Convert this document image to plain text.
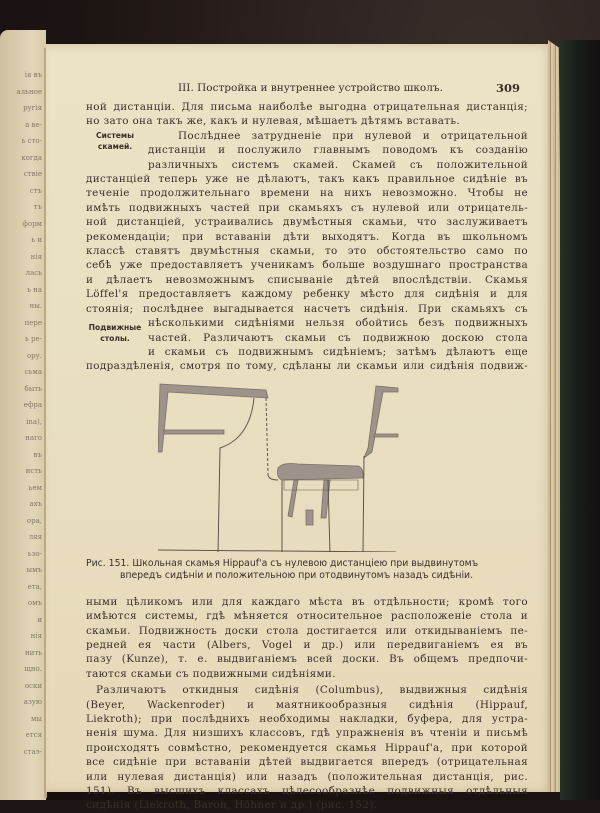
ія въ
альное
ругія
а ве-
ь сто-
когда
ствіе
стъ
тъ
форм
ь и
нія
лась
ь на
ны.
пере
ь ре-
ору.
сьма
быть
ефра
ina),
наго
въ
исть
ьем
ахъ
ора,
ляя
ьзо-
ымъ
ета,
омъ
и
нія
нить
щно.
оски
азую
мы
ется
стаэ-
III. Постройка и внутреннее устройство школъ.	309

ной дистанціи. Для письма наиболѣе выгодна отрицательная дистанція;
но зато она такъ же, какъ и нулевая, мѣшаетъ дѣтямъ вставать.

Системы
скамей.

Послѣднее затрудненіе при нулевой и отрицательной
дистанціи и послужило главнымъ поводомъ къ созданію
различныхъ системъ скамей. Скамей съ положительной
дистанціей теперь уже не дѣлаютъ, такъ какъ правильное сидѣніе въ
теченіе продолжительнаго времени на нихъ невозможно. Чтобы не
имѣть подвижныхъ частей при скамьяхъ съ нулевой или отрицатель-
ной дистанціей, устраивались двумѣстныя скамьи, что заслуживаетъ
рекомендаціи; при вставаніи дѣти выходятъ. Когда въ школьномъ
классѣ ставятъ двумѣстныя скамьи, то это обстоятельство само по
себѣ уже предоставляетъ ученикамъ больше воздушнаго пространства
и дѣлаетъ невозможнымъ списываніе дѣтей впослѣдствіи. Скамья
Löffel'я предоставляетъ каждому ребенку мѣсто для сидѣнія и для
стоянія; послѣднее выгадывается насчетъ сидѣнія. При скамьяхъ съ

Подвижные
столы.

нѣсколькими сидѣніями нельзя обойтись безъ подвижныхъ
частей. Различаютъ скамьи съ подвижною доскою стола
и скамьи съ подвижнымъ сидѣніемъ; затѣмъ дѣлаютъ еще
подраздѣленія, смотря по тому, сдѣланы ли скамьи или сидѣнія подвиж-

Рис. 151. Школьная скамья Hippauf'а съ нулевою дистанціею при выдвинутомъ
впередъ сидѣніи и положительною при отодвинутомъ назадъ сидѣніи.

ными цѣликомъ или для каждаго мѣста въ отдѣльности; кромѣ того
имѣются системы, гдѣ мѣняется относительное расположеніе стола и
скамьи. Подвижность доски стола достигается или откидываніемъ пе-
редней ея части (Albers, Vogel и др.) или передвиганіемъ ея въ
пазу (Kunze), т. е. выдвиганіемъ всей доски. Въ общемъ предпочи-
таются скамьи съ подвижными сидѣніями.

Различаютъ откидныя сидѣнія (Columbus), выдвижныя сидѣнія
(Beyer, Wackenroder) и маятникообразныя сидѣнія (Hippauf,
Liekroth); при послѣднихъ необходимы накладки, буфера, для устра-
ненія шума. Для низшихъ классовъ, гдѣ упражненія въ чтеніи и письмѣ
происходятъ совмѣстно, рекомендуется скамья Hippauf'а, при которой
все сидѣніе при вставаніи дѣтей выдвигается впередъ (отрицательная
или нулевая дистанція) или назадъ (положительная дистанція, рис.
151). Въ высшихъ классахъ цѣлесообразнѣе подвижныя отдѣльныя
сидѣнія (Liekroth, Baron, Höhner и др.) (рис. 152).
